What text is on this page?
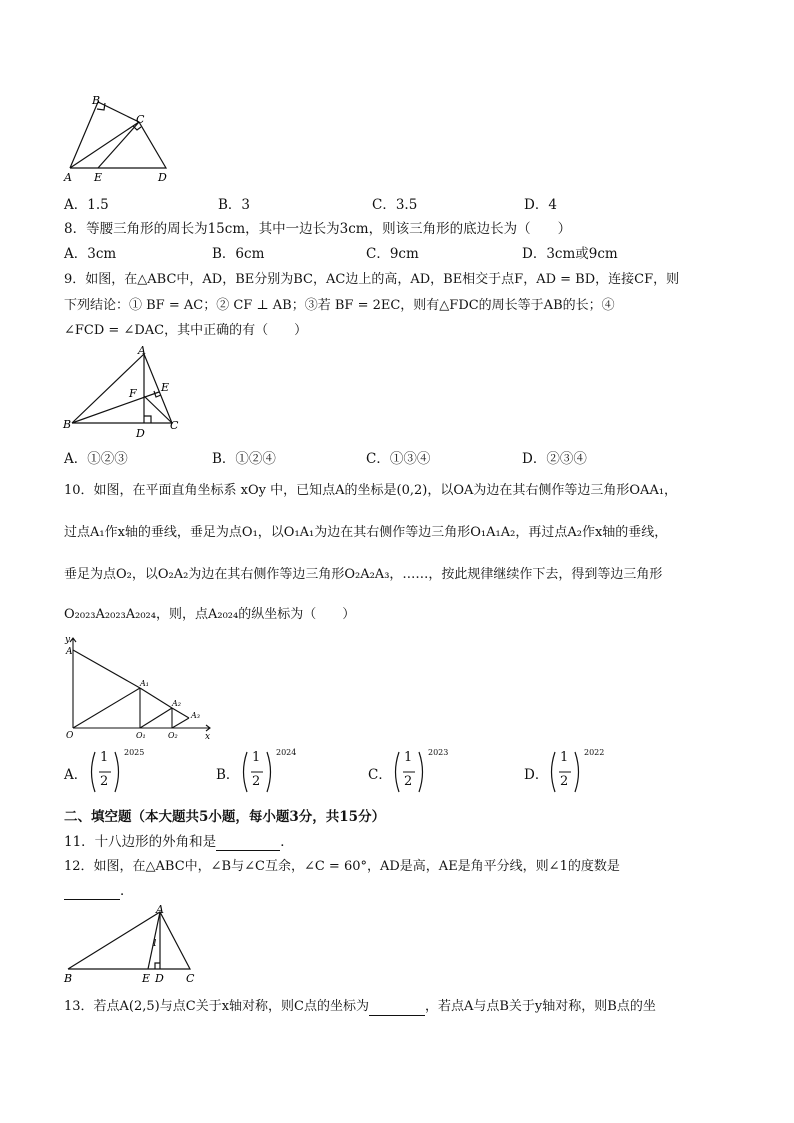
B
C
A E	D
A．1.5	B．3	C．3.5	D．4
8．等腰三角形的周长为15cm，其中一边长为3cm，则该三角形的底边长为（　　）
A．3cm	B．6cm	C．9cm	D．3cm或9cm
9．如图，在△ABC中，AD，BE分别为BC，AC边上的高，AD，BE相交于点F，AD = BD，连接CF，则
下列结论：① BF = AC；② CF ⊥ AB；③若 BF = 2EC，则有△FDC的周长等于AB的长；④
∠FCD = ∠DAC，其中正确的有（　　）
A
E
F
B
D
C
A．①②③	B．①②④	C．①③④	D．②③④
10．如图，在平面直角坐标系 xOy 中，已知点A的坐标是(0,2)，以OA为边在其右侧作等边三角形OAA₁，
过点A₁作x轴的垂线，垂足为点O₁，以O₁A₁为边在其右侧作等边三角形O₁A₁A₂，再过点A₂作x轴的垂线，
垂足为点O₂，以O₂A₂为边在其右侧作等边三角形O₂A₂A₃，……，按此规律继续作下去，得到等边三角形
O₂₀₂₃A₂₀₂₃A₂₀₂₄，则，点A₂₀₂₄的纵坐标为（　　）
y
A
A₁
A₂
A₃
O	O₁	O₂	x
A．
1
2
2025
B．
1
2
2024
C．
1
2
2023
D．
1
2
2022
二、填空题（本大题共5小题，每小题3分，共15分）
11．十八边形的外角和是	．
12．如图，在△ABC中，∠B与∠C互余，∠C = 60°，AD是高，AE是角平分线，则∠1的度数是
．
A
1
B	E D C
13．若点A(2,5)与点C关于x轴对称，则C点的坐标为	，若点A与点B关于y轴对称，则B点的坐
